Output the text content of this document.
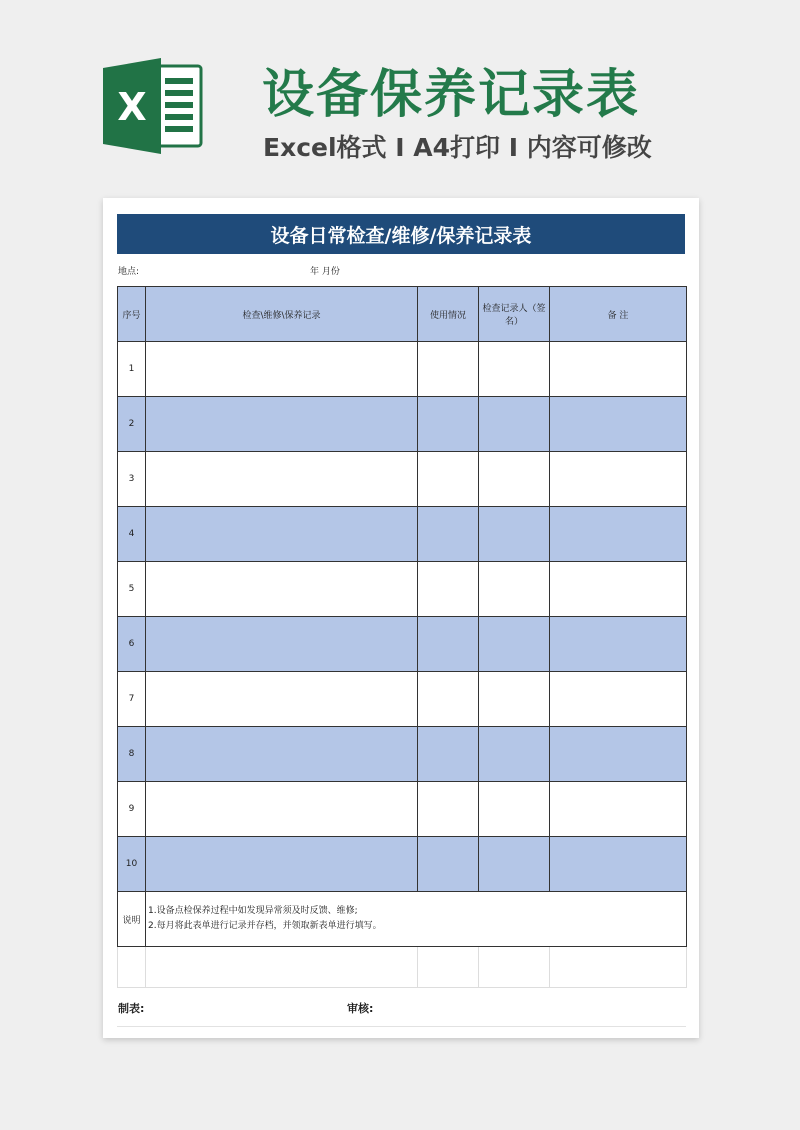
X 设备保养记录表
Excel格式 Ⅰ A4打印 Ⅰ 内容可修改
设备日常检查/维修/保养记录表
地点:	年 月份
序号	检查\维修\保养记录	使用情况	检查记录人（签名）	备 注
1				
2				
3				
4				
5				
6				
7				
8				
9				
10				
说明	1.设备点检保养过程中如发现异常须及时反馈、维修;
2.每月将此表单进行记录并存档，并领取新表单进行填写。			

制表:	审核:
